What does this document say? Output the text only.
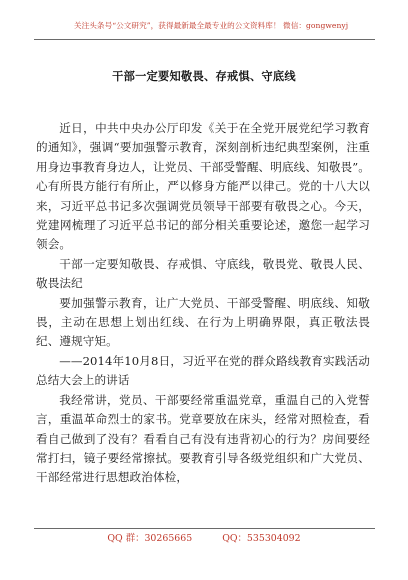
关注头条号“公文研究”，获得最新最全最专业的公文资料库！ 微信：gongwenyj
干部一定要知敬畏、存戒惧、守底线

近日，中共中央办公厅印发《关于在全党开展党纪学习教育的通知》，强调“要加强警示教育，深刻剖析违纪典型案例，注重用身边事教育身边人，让党员、干部受警醒、明底线、知敬畏”。心有所畏方能行有所止，严以修身方能严以律己。党的十八大以来，习近平总书记多次强调党员领导干部要有敬畏之心。今天，党建网梳理了习近平总书记的部分相关重要论述，邀您一起学习领会。

干部一定要知敬畏、存戒惧、守底线，敬畏党、敬畏人民、敬畏法纪

要加强警示教育，让广大党员、干部受警醒、明底线、知敬畏，主动在思想上划出红线、在行为上明确界限，真正敬法畏纪、遵规守矩。

——2014年10月8日，习近平在党的群众路线教育实践活动总结大会上的讲话

我经常讲，党员、干部要经常重温党章，重温自己的入党誓言，重温革命烈士的家书。党章要放在床头，经常对照检查，看看自己做到了没有？看看自己有没有违背初心的行为？房间要经常打扫，镜子要经常擦拭。要教育引导各级党组织和广大党员、干部经常进行思想政治体检，

QQ 群：30265665	QQ：535304092
